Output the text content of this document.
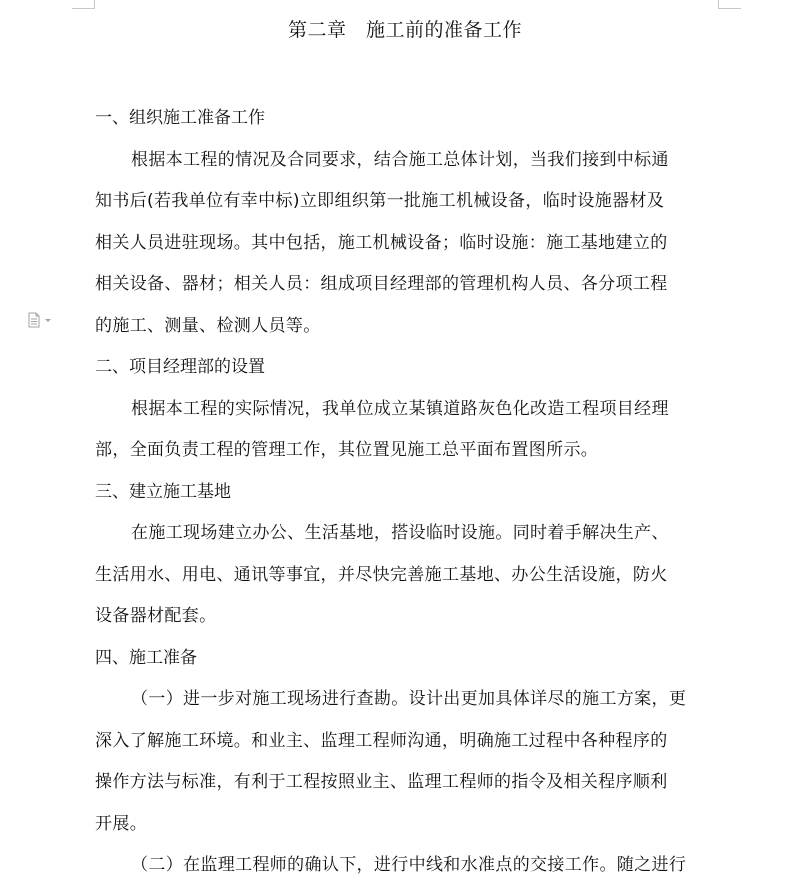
第二章　施工前的准备工作

一、组织施工准备工作

根据本工程的情况及合同要求，结合施工总体计划，当我们接到中标通
知书后(若我单位有幸中标)立即组织第一批施工机械设备，临时设施器材及
相关人员进驻现场。其中包括，施工机械设备；临时设施：施工基地建立的
相关设备、器材；相关人员：组成项目经理部的管理机构人员、各分项工程
的施工、测量、检测人员等。

二、项目经理部的设置

根据本工程的实际情况，我单位成立某镇道路灰色化改造工程项目经理
部，全面负责工程的管理工作，其位置见施工总平面布置图所示。

三、建立施工基地

在施工现场建立办公、生活基地，搭设临时设施。同时着手解决生产、
生活用水、用电、通讯等事宜，并尽快完善施工基地、办公生活设施，防火
设备器材配套。

四、施工准备

（一）进一步对施工现场进行查勘。设计出更加具体详尽的施工方案，更
深入了解施工环境。和业主、监理工程师沟通，明确施工过程中各种程序的
操作方法与标准，有利于工程按照业主、监理工程师的指令及相关程序顺利
开展。

（二）在监理工程师的确认下，进行中线和水准点的交接工作。随之进行
